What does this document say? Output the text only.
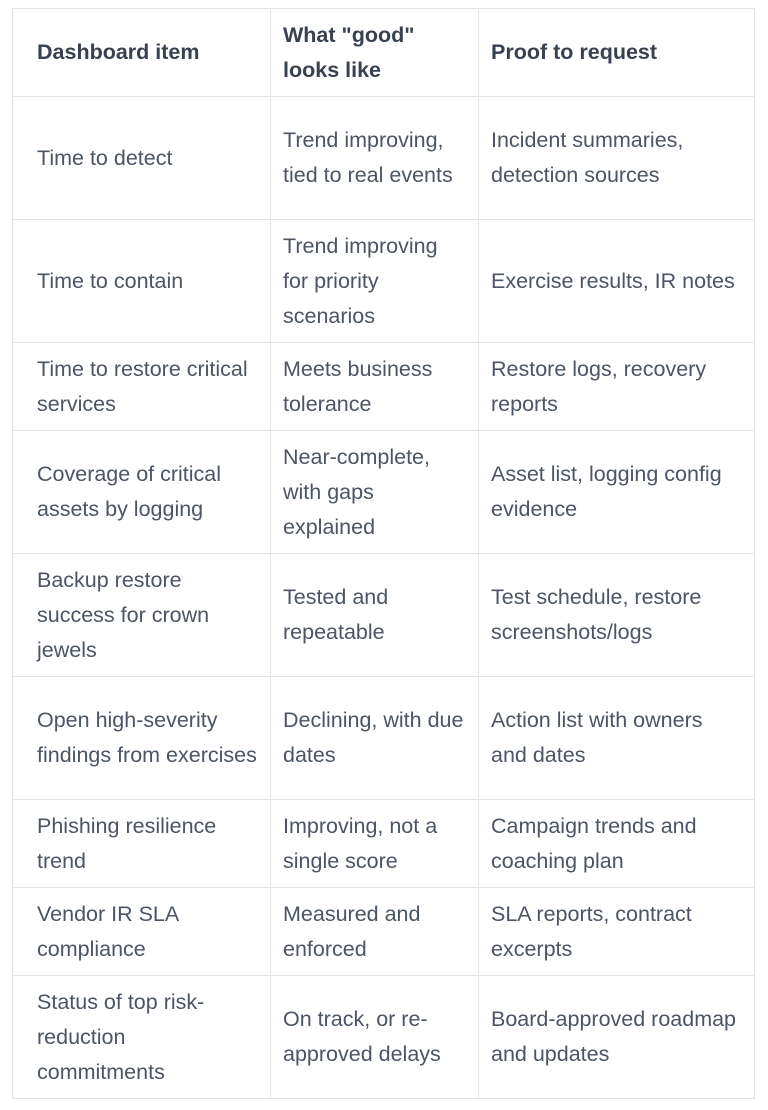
Dashboard item	What "good" looks like	Proof to request
Time to detect	Trend improving, tied to real events	Incident summaries, detection sources
Time to contain	Trend improving for priority scenarios	Exercise results, IR notes
Time to restore critical services	Meets business tolerance	Restore logs, recovery reports
Coverage of critical assets by logging	Near-complete, with gaps explained	Asset list, logging config evidence
Backup restore success for crown jewels	Tested and repeatable	Test schedule, restore screenshots/logs
Open high-severity findings from exercises	Declining, with due dates	Action list with owners and dates
Phishing resilience trend	Improving, not a single score	Campaign trends and coaching plan
Vendor IR SLA compliance	Measured and enforced	SLA reports, contract excerpts
Status of top risk-reduction commitments	On track, or re-approved delays	Board-approved roadmap and updates
